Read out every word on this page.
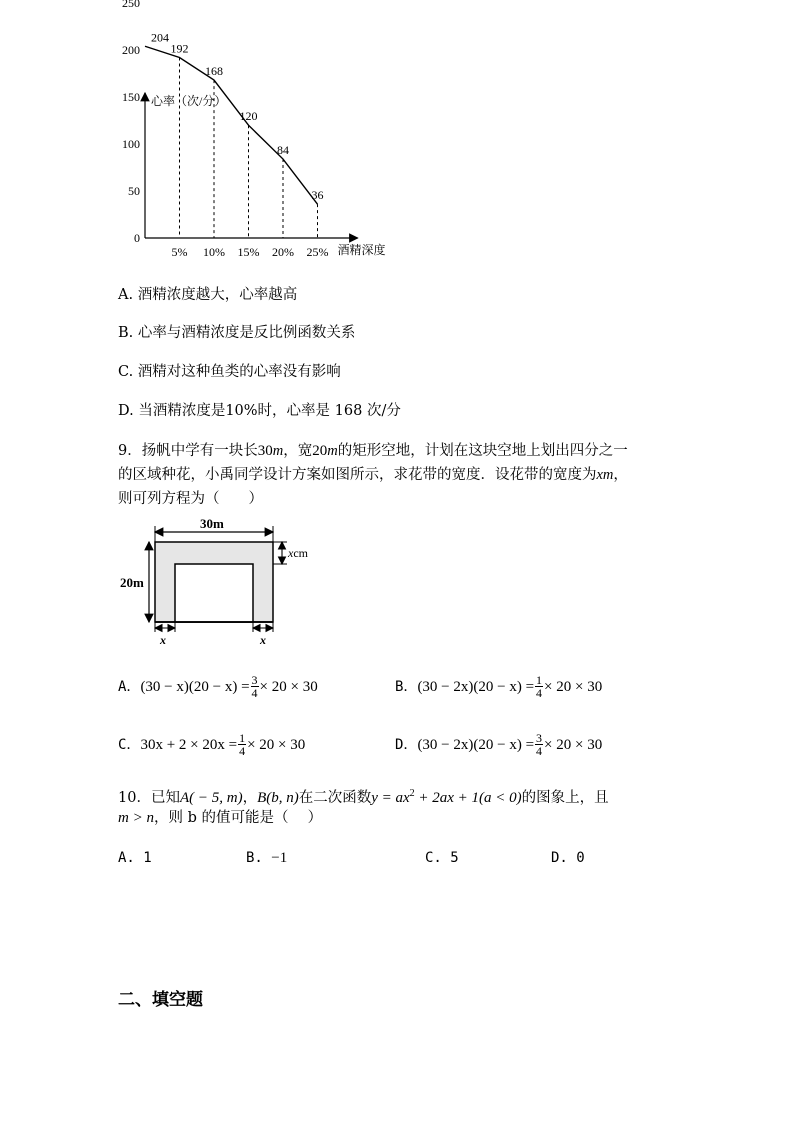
250
200
150
100
50
0
心率（次/分）
酒精深度
5% 10% 15% 20% 25%
204
192
168
120
84
36
A. 酒精浓度越大，心率越高
B. 心率与酒精浓度是反比例函数关系
C. 酒精对这种鱼类的心率没有影响
D. 当酒精浓度是10%时，心率是 168 次/分
9．扬帆中学有一块长30m，宽20m的矩形空地，计划在这块空地上划出四分之一
的区域种花，小禹同学设计方案如图所示，求花带的宽度．设花带的宽度为xm，
则可列方程为（　　）
30m
20m
xcm
x	x
A．$(30 - x)(20 - x) = \frac{3}{4} \times 20 \times 30$	B．$(30 - 2x)(20 - x) = \frac{1}{4} \times 20 \times 30$
C．$30x + 2 \times 20x = \frac{1}{4} \times 20 \times 30$	D．$(30 - 2x)(20 - x) = \frac{3}{4} \times 20 \times 30$
10．已知A( − 5, m)，B(b, n)在二次函数$y = ax^2 + 2ax + 1(a < 0)$的图象上，且
m > n，则 b 的值可能是（　 ）
A. 1	B. −1	C. 5	D. 0
二、填空题
